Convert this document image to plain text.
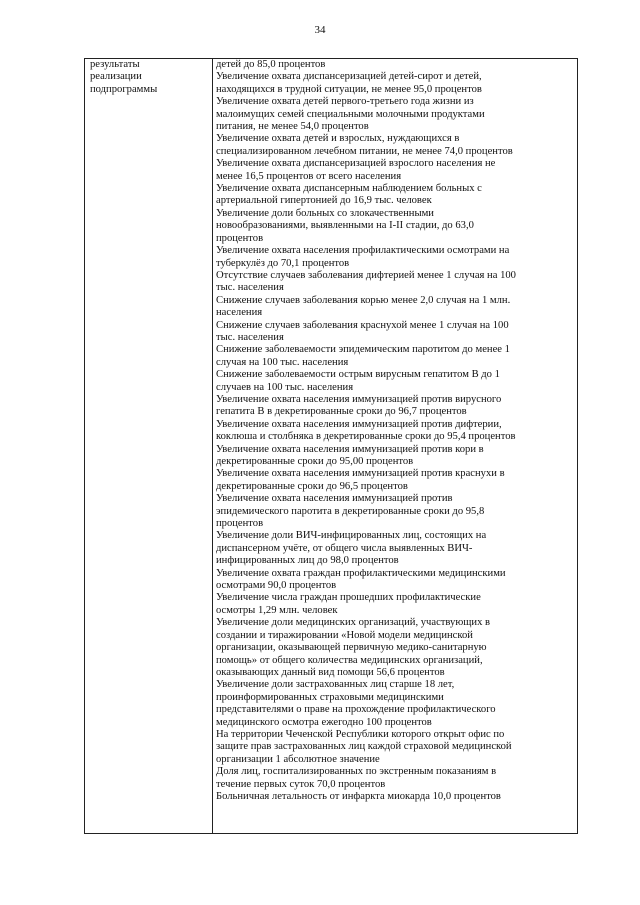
34
результаты
реализации
подпрограммы
детей до 85,0 процентов
Увеличение охвата диспансеризацией детей-сирот и детей,
находящихся в трудной ситуации, не менее 95,0 процентов
Увеличение охвата детей первого-третьего года жизни из
малоимущих семей специальными молочными продуктами
питания, не менее 54,0 процентов
Увеличение охвата детей и взрослых, нуждающихся в
специализированном лечебном питании, не менее 74,0 процентов
Увеличение охвата диспансеризацией взрослого населения не
менее 16,5 процентов от всего населения
Увеличение охвата диспансерным наблюдением больных с
артериальной гипертонией до 16,9 тыс. человек
Увеличение доли больных со злокачественными
новообразованиями, выявленными на I-II стадии, до 63,0
процентов
Увеличение охвата населения профилактическими осмотрами на
туберкулёз до 70,1 процентов
Отсутствие случаев заболевания дифтерией менее 1 случая на 100
тыс. населения
Снижение случаев заболевания корью менее 2,0 случая на 1 млн.
населения
Снижение случаев заболевания краснухой менее 1 случая на 100
тыс. населения
Снижение заболеваемости эпидемическим паротитом до менее 1
случая на 100 тыс. населения
Снижение заболеваемости острым вирусным гепатитом В до 1
случаев на 100 тыс. населения
Увеличение охвата населения иммунизацией против вирусного
гепатита В в декретированные сроки до 96,7 процентов
Увеличение охвата населения иммунизацией против дифтерии,
коклюша и столбняка в декретированные сроки до 95,4 процентов
Увеличение охвата населения иммунизацией против кори в
декретированные сроки до 95,00 процентов
Увеличение охвата населения иммунизацией против краснухи в
декретированные сроки до 96,5 процентов
Увеличение охвата населения иммунизацией против
эпидемического паротита в декретированные сроки до 95,8
процентов
Увеличение доли ВИЧ-инфицированных лиц, состоящих на
диспансерном учёте, от общего числа выявленных ВИЧ-
инфицированных лиц до 98,0 процентов
Увеличение охвата граждан профилактическими медицинскими
осмотрами 90,0 процентов
Увеличение числа граждан прошедших профилактические
осмотры 1,29 млн. человек
Увеличение доли медицинских организаций, участвующих в
создании и тиражировании «Новой модели медицинской
организации, оказывающей первичную медико-санитарную
помощь» от общего количества медицинских организаций,
оказывающих данный вид помощи 56,6 процентов
Увеличение доли застрахованных лиц старше 18 лет,
проинформированных страховыми медицинскими
представителями о праве на прохождение профилактического
медицинского осмотра ежегодно 100 процентов
На территории Чеченской Республики которого открыт офис по
защите прав застрахованных лиц каждой страховой медицинской
организации 1 абсолютное значение
Доля лиц, госпитализированных по экстренным показаниям в
течение первых суток 70,0 процентов
Больничная летальность от инфаркта миокарда 10,0 процентов
